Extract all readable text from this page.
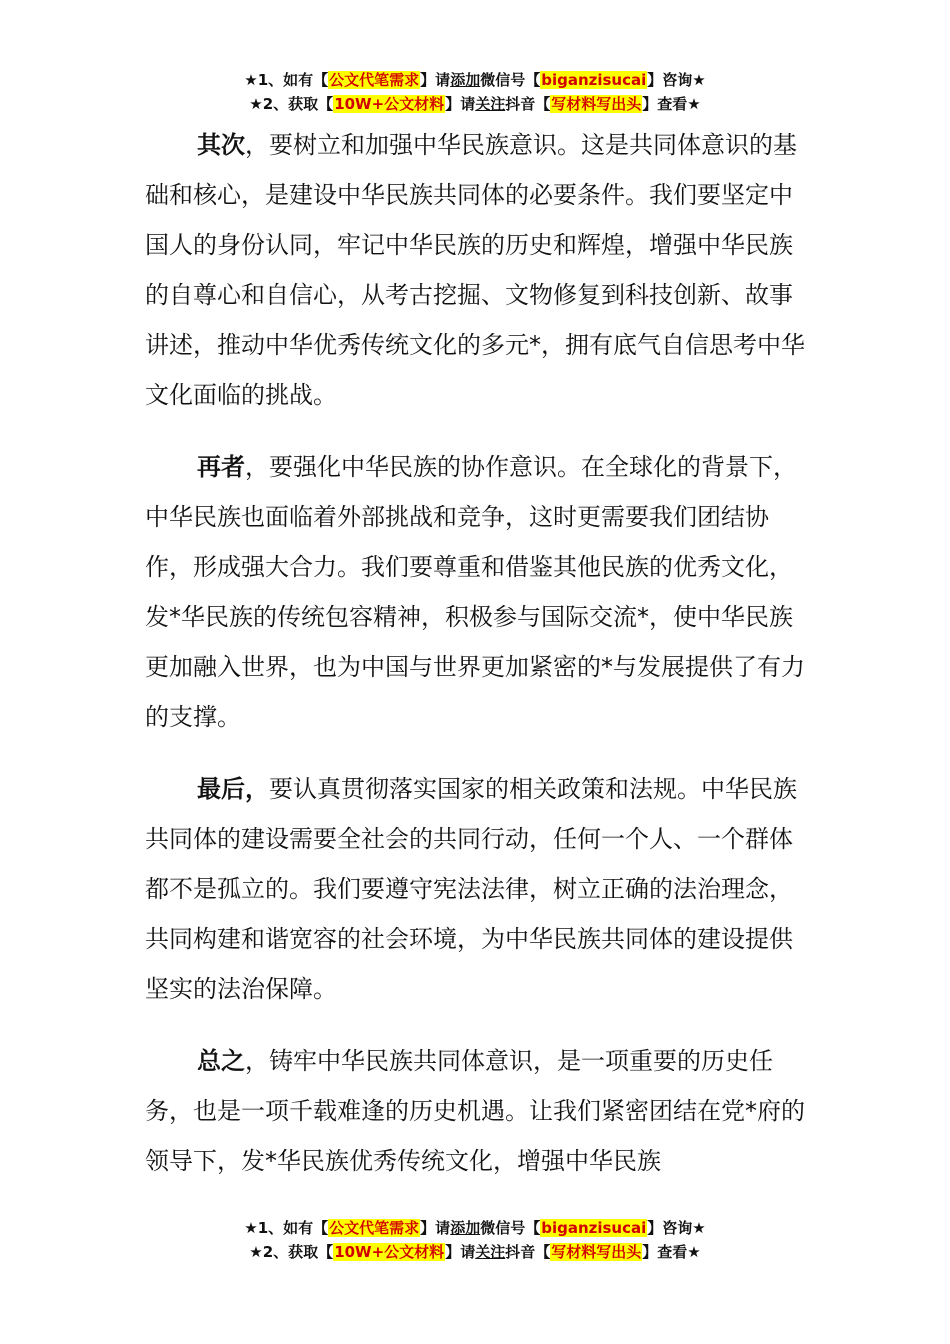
★1、如有【公文代笔需求】请添加微信号【biganzisucai】咨询★
★2、获取【10W+公文材料】请关注抖音【写材料写出头】查看★

其次，要树立和加强中华民族意识。这是共同体意识的基础和核心，是建设中华民族共同体的必要条件。我们要坚定中国人的身份认同，牢记中华民族的历史和辉煌，增强中华民族的自尊心和自信心，从考古挖掘、文物修复到科技创新、故事讲述，推动中华优秀传统文化的多元*，拥有底气自信思考中华文化面临的挑战。

再者，要强化中华民族的协作意识。在全球化的背景下，中华民族也面临着外部挑战和竞争，这时更需要我们团结协作，形成强大合力。我们要尊重和借鉴其他民族的优秀文化，发*华民族的传统包容精神，积极参与国际交流*，使中华民族更加融入世界，也为中国与世界更加紧密的*与发展提供了有力的支撑。

最后，要认真贯彻落实国家的相关政策和法规。中华民族共同体的建设需要全社会的共同行动，任何一个人、一个群体都不是孤立的。我们要遵守宪法法律，树立正确的法治理念，共同构建和谐宽容的社会环境，为中华民族共同体的建设提供坚实的法治保障。

总之，铸牢中华民族共同体意识，是一项重要的历史任务，也是一项千载难逢的历史机遇。让我们紧密团结在党*府的领导下，发*华民族优秀传统文化，增强中华民族

★1、如有【公文代笔需求】请添加微信号【biganzisucai】咨询★
★2、获取【10W+公文材料】请关注抖音【写材料写出头】查看★
